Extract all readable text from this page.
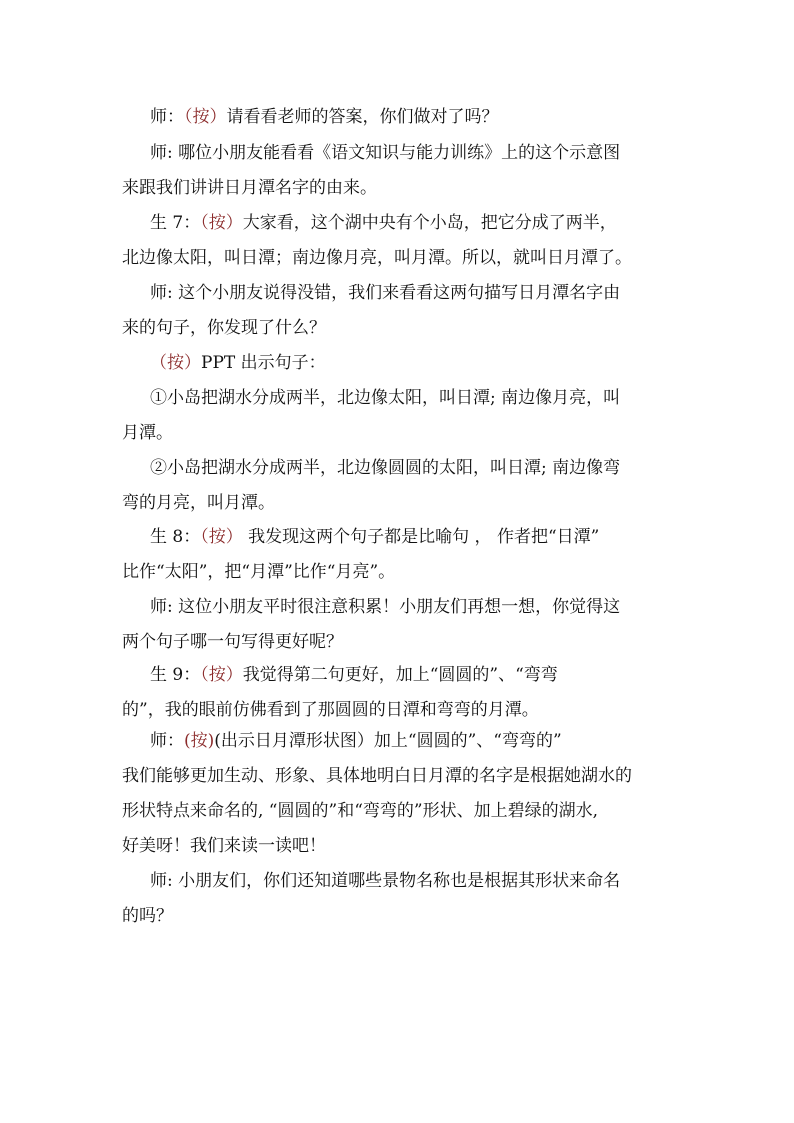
师：（按）请看看老师的答案，你们做对了吗？

师: 哪位小朋友能看看《语文知识与能力训练》上的这个示意图
来跟我们讲讲日月潭名字的由来。

生 7：（按）大家看，这个湖中央有个小岛，把它分成了两半，
北边像太阳，叫日潭；南边像月亮，叫月潭。所以，就叫日月潭了。

师: 这个小朋友说得没错，我们来看看这两句描写日月潭名字由
来的句子，你发现了什么？

（按）PPT 出示句子：

①小岛把湖水分成两半，北边像太阳，叫日潭; 南边像月亮，叫
月潭。

②小岛把湖水分成两半，北边像圆圆的太阳，叫日潭; 南边像弯
弯的月亮，叫月潭。

生 8：（按） 我发现这两个句子都是比喻句 ， 作者把“日潭”
比作“太阳”，把“月潭”比作“月亮”。

师: 这位小朋友平时很注意积累！小朋友们再想一想，你觉得这
两个句子哪一句写得更好呢？

生 9：（按）我觉得第二句更好，加上“圆圆的”、“弯弯
的”，我的眼前仿佛看到了那圆圆的日潭和弯弯的月潭。

师：(按)(出示日月潭形状图）加上“圆圆的”、“弯弯的”
我们能够更加生动、形象、具体地明白日月潭的名字是根据她湖水的
形状特点来命名的, “圆圆的”和“弯弯的”形状、加上碧绿的湖水,
好美呀！我们来读一读吧！

师: 小朋友们，你们还知道哪些景物名称也是根据其形状来命名
的吗？
